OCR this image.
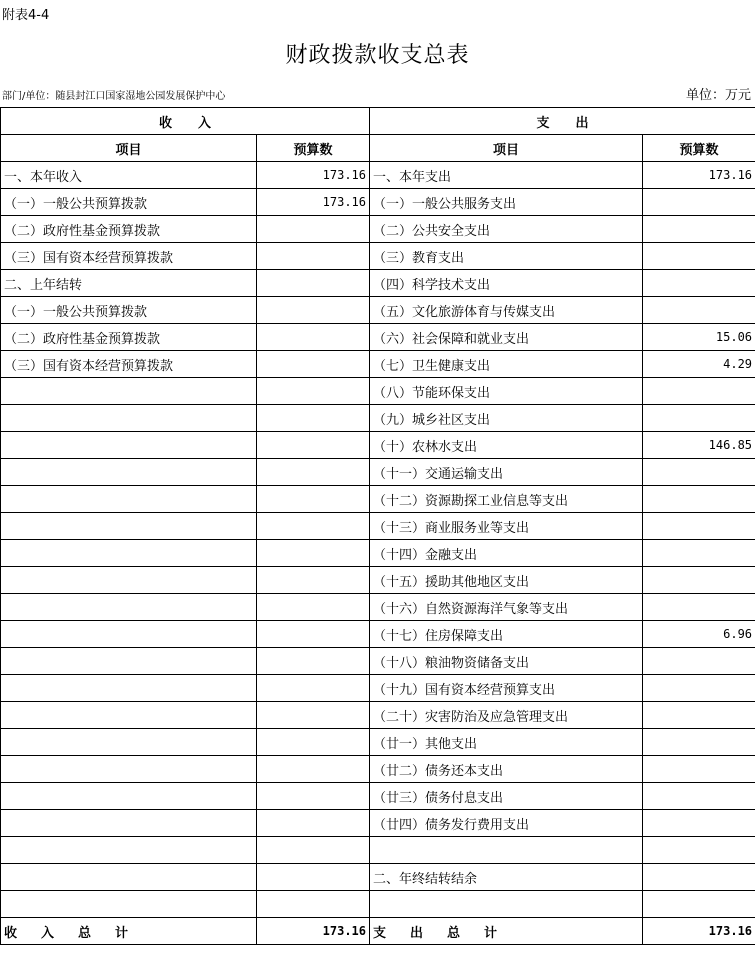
附表4-4
财政拨款收支总表
部门/单位：随县封江口国家湿地公园发展保护中心	单位：万元
收　　入		支　　出	
项目	预算数	项目	预算数
一、本年收入	173.16	一、本年支出	173.16
（一）一般公共预算拨款	173.16	（一）一般公共服务支出	
（二）政府性基金预算拨款		（二）公共安全支出	
（三）国有资本经营预算拨款		（三）教育支出	
二、上年结转		（四）科学技术支出	
（一）一般公共预算拨款		（五）文化旅游体育与传媒支出	
（二）政府性基金预算拨款		（六）社会保障和就业支出	15.06
（三）国有资本经营预算拨款		（七）卫生健康支出	4.29
		（八）节能环保支出	
		（九）城乡社区支出	
		（十）农林水支出	146.85
		（十一）交通运输支出	
		（十二）资源勘探工业信息等支出	
		（十三）商业服务业等支出	
		（十四）金融支出	
		（十五）援助其他地区支出	
		（十六）自然资源海洋气象等支出	
		（十七）住房保障支出	6.96
		（十八）粮油物资储备支出	
		（十九）国有资本经营预算支出	
		（二十）灾害防治及应急管理支出	
		（廿一）其他支出	
		（廿二）债务还本支出	
		（廿三）债务付息支出	
		（廿四）债务发行费用支出	

		二、年终结转结余	

收入总计	173.16	支出总计	173.16
